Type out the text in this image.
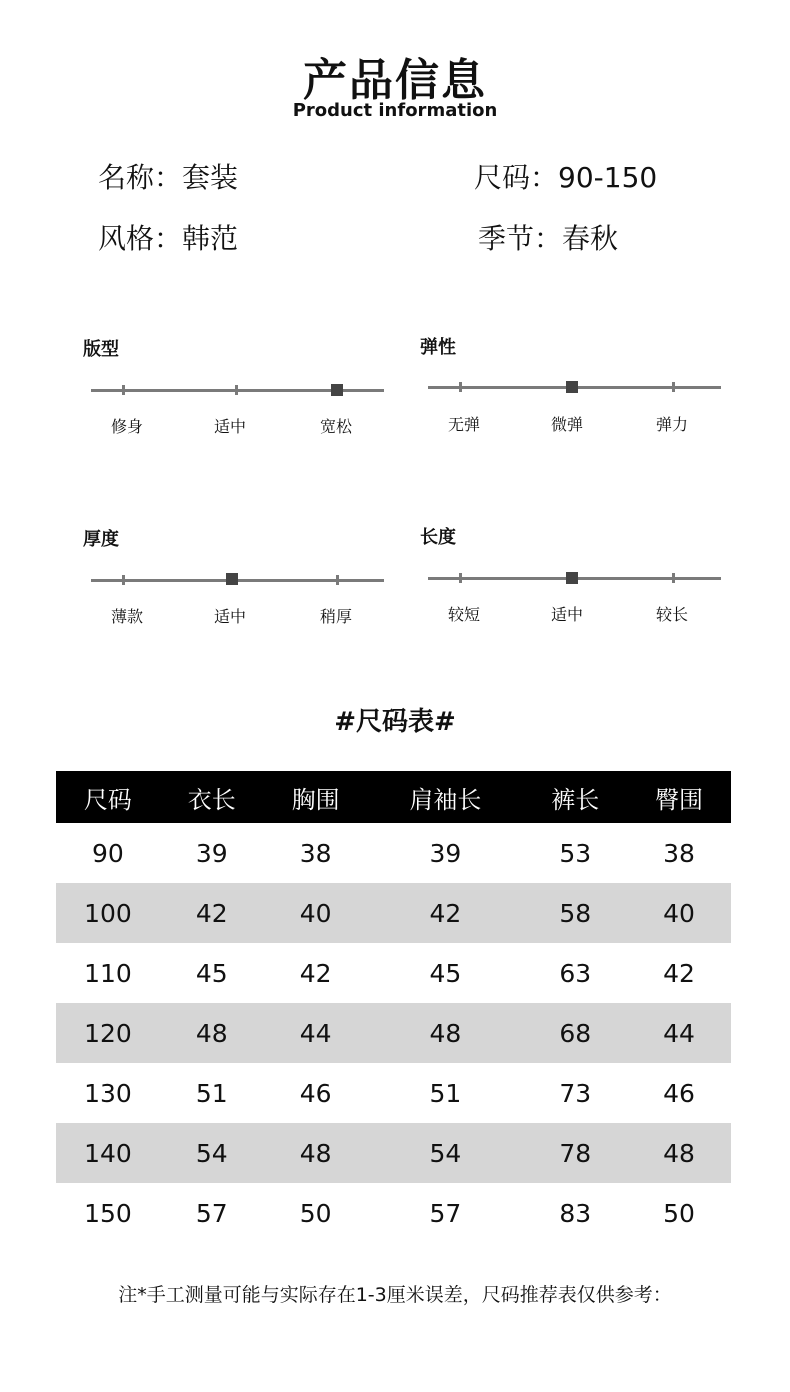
产品信息
Product information
名称：套装	尺码：90-150
风格：韩范	季节：春秋
版型
修身	适中	宽松
弹性
无弹	微弹	弹力
厚度
薄款	适中	稍厚
长度
较短	适中	较长
#尺码表#
尺码	衣长	胸围	肩袖长	裤长	臀围
90	39	38	39	53	38
100	42	40	42	58	40
110	45	42	45	63	42
120	48	44	48	68	44
130	51	46	51	73	46
140	54	48	54	78	48
150	57	50	57	83	50
注*手工测量可能与实际存在1-3厘米误差，尺码推荐表仅供参考：
